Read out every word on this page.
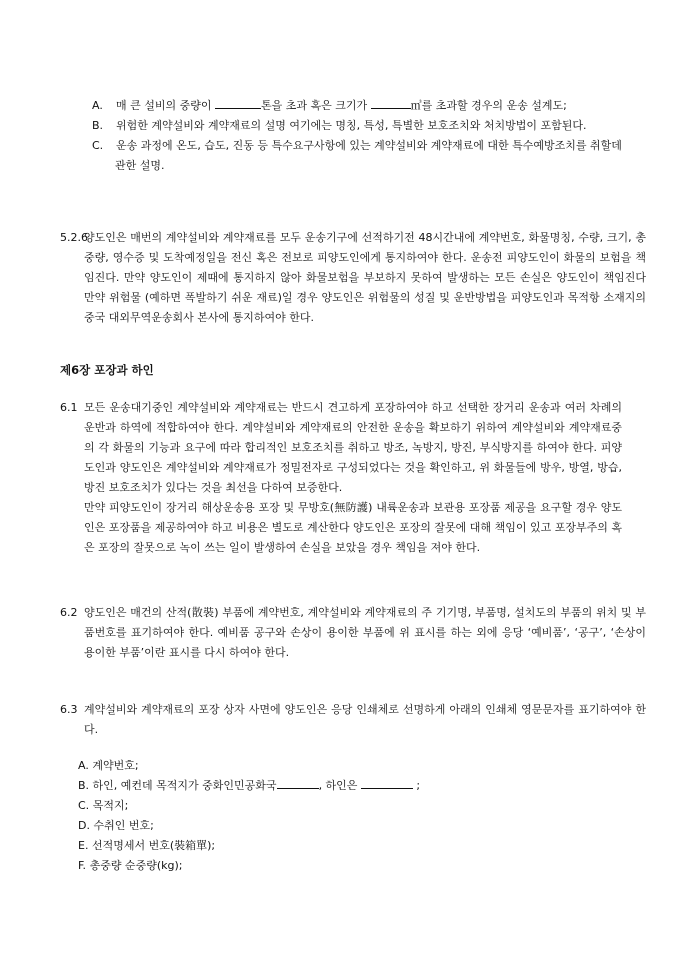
A. 매 큰 설비의 중량이	톤을 초과 혹은 크기가	㎥를 초과할 경우의 운송 설계도;

B. 위험한 계약설비와 계약재료의 설명 여기에는 명칭, 특성, 특별한 보호조치와 처치방법이 포함된다.

C. 운송 과정에 온도, 습도, 진동 등 특수요구사항에 있는 계약설비와 계약재료에 대한 특수예방조치를 취할데 관한 설명.

5.2.6양도인은 매번의 계약설비와 계약재료를 모두 운송기구에 선적하기전 48시간내에 계약번호, 화물명칭, 수량, 크기, 총중량, 영수증 및 도착예정일을 전신 혹은 전보로 피양도인에게 통지하여야 한다. 운송전 피양도인이 화물의 보험을 책임진다. 만약 양도인이 제때에 통지하지 않아 화물보험을 부보하지 못하여 발생하는 모든 손실은 양도인이 책임진다 만약 위험물 (예하면 폭발하기 쉬운 재료)일 경우 양도인은 위험물의 성질 및 운반방법을 피양도인과 목적항 소재지의 중국 대외무역운송회사 본사에 통지하여야 한다.
제6장 포장과 하인

6.1 모든 운송대기중인 계약설비와 계약재료는 반드시 견고하게 포장하여야 하고 선택한 장거리 운송과 여러 차례의 운반과 하역에 적합하여야 한다. 계약설비와 계약재료의 안전한 운송을 확보하기 위하여 계약설비와 계약재료중의 각 화물의 기능과 요구에 따라 합리적인 보호조치를 취하고 방조, 녹방지, 방진, 부식방지를 하여야 한다. 피양도인과 양도인은 계약설비와 계약재료가 정밀전자로 구성되었다는 것을 확인하고, 위 화물들에 방우, 방열, 방습, 방진 보호조치가 있다는 것을 최선을 다하여 보증한다.

만약 피양도인이 장거리 해상운송용 포장 및 무방호(無防護) 내륙운송과 보관용 포장품 제공을 요구할 경우 양도인은 포장품을 제공하여야 하고 비용은 별도로 계산한다 양도인은 포장의 잘못에 대해 책임이 있고 포장부주의 혹은 포장의 잘못으로 녹이 쓰는 일이 발생하여 손실을 보았을 경우 책임을 져야 한다.

6.2 양도인은 매건의 산적(散裝) 부품에 계약번호, 계약설비와 계약재료의 주 기기명, 부품명, 설치도의 부품의 위치 및 부품번호를 표기하여야 한다. 예비품 공구와 손상이 용이한 부품에 위 표시를 하는 외에 응당 ‘예비품’, ‘공구’, ‘손상이 용이한 부품’이란 표시를 다시 하여야 한다.
6.3 계약설비와 계약재료의 포장 상자 사면에 양도인은 응당 인쇄체로 선명하게 아래의 인쇄체 영문문자를 표기하여야 한다.

A. 계약번호;

B. 하인, 예컨데 목적지가 중화인민공화국	, 하인은	;

C. 목적지;

D. 수취인 번호;

E. 선적명세서 번호(裝箱單);

F. 총중량 순중량(kg);
